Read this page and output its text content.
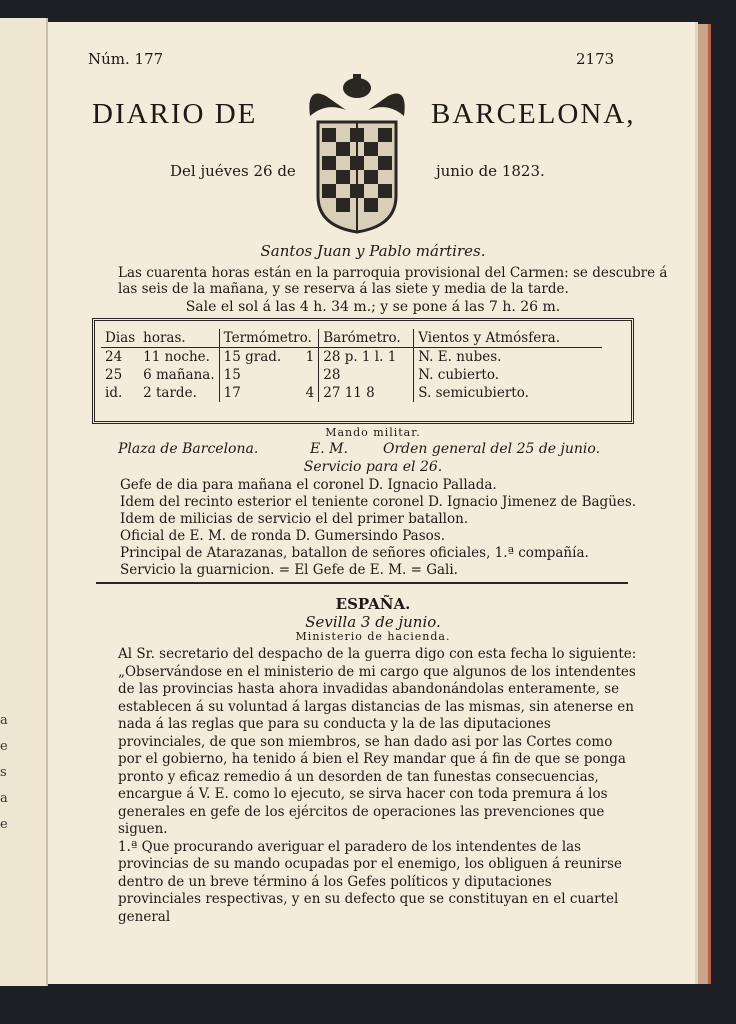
a
e
s
a
e
Núm. 177	2173
DIARIO DE	BARCELONA,
Del juéves 26 de	junio de 1823.
Santos Juan y Pablo mártires.
Las cuarenta horas están en la parroquia provisional del Carmen: se descubre á las seis de la mañana, y se reserva á las siete y media de la tarde.
Sale el sol á las 4 h. 34 m.; y se pone á las 7 h. 26 m.
Dias	horas.	Termómetro.		Barómetro.	Vientos y Atmósfera.
24	11 noche.	15 grad.	1	28 p. 1 l. 1	N. E. nubes.
25	6 mañana.	15		28	N. cubierto.
id.	2 tarde.	17	4	27 11 8	S. semicubierto.
Mando militar.
Plaza de Barcelona.	E. M.	Orden general del 25 de junio.
Servicio para el 26.
Gefe de dia para mañana el coronel D. Ignacio Pallada.
Idem del recinto esterior el teniente coronel D. Ignacio Jimenez de Bagües.
Idem de milicias de servicio el del primer batallon.
Oficial de E. M. de ronda D. Gumersindo Pasos.
Principal de Atarazanas, batallon de señores oficiales, 1.ª compañía.
Servicio la guarnicion. = El Gefe de E. M. = Gali.
ESPAÑA.
Sevilla 3 de junio.
Ministerio de hacienda.

Al Sr. secretario del despacho de la guerra digo con esta fecha lo siguiente:

„Observándose en el ministerio de mi cargo que algunos de los intendentes de las provincias hasta ahora invadidas abandonándolas enteramente, se establecen á su voluntad á largas distancias de las mismas, sin atenerse en nada á las reglas que para su conducta y la de las diputaciones provinciales, de que son miembros, se han dado asi por las Cortes como por el gobierno, ha tenido á bien el Rey mandar que á fin de que se ponga pronto y eficaz remedio á un desorden de tan funestas consecuencias, encargue á V. E. como lo ejecuto, se sirva hacer con toda premura á los generales en gefe de los ejércitos de operaciones las prevenciones que siguen.

1.ª Que procurando averiguar el paradero de los intendentes de las provincias de su mando ocupadas por el enemigo, los obliguen á reunirse dentro de un breve término á los Gefes políticos y diputaciones provinciales respectivas, y en su defecto que se constituyan en el cuartel general
